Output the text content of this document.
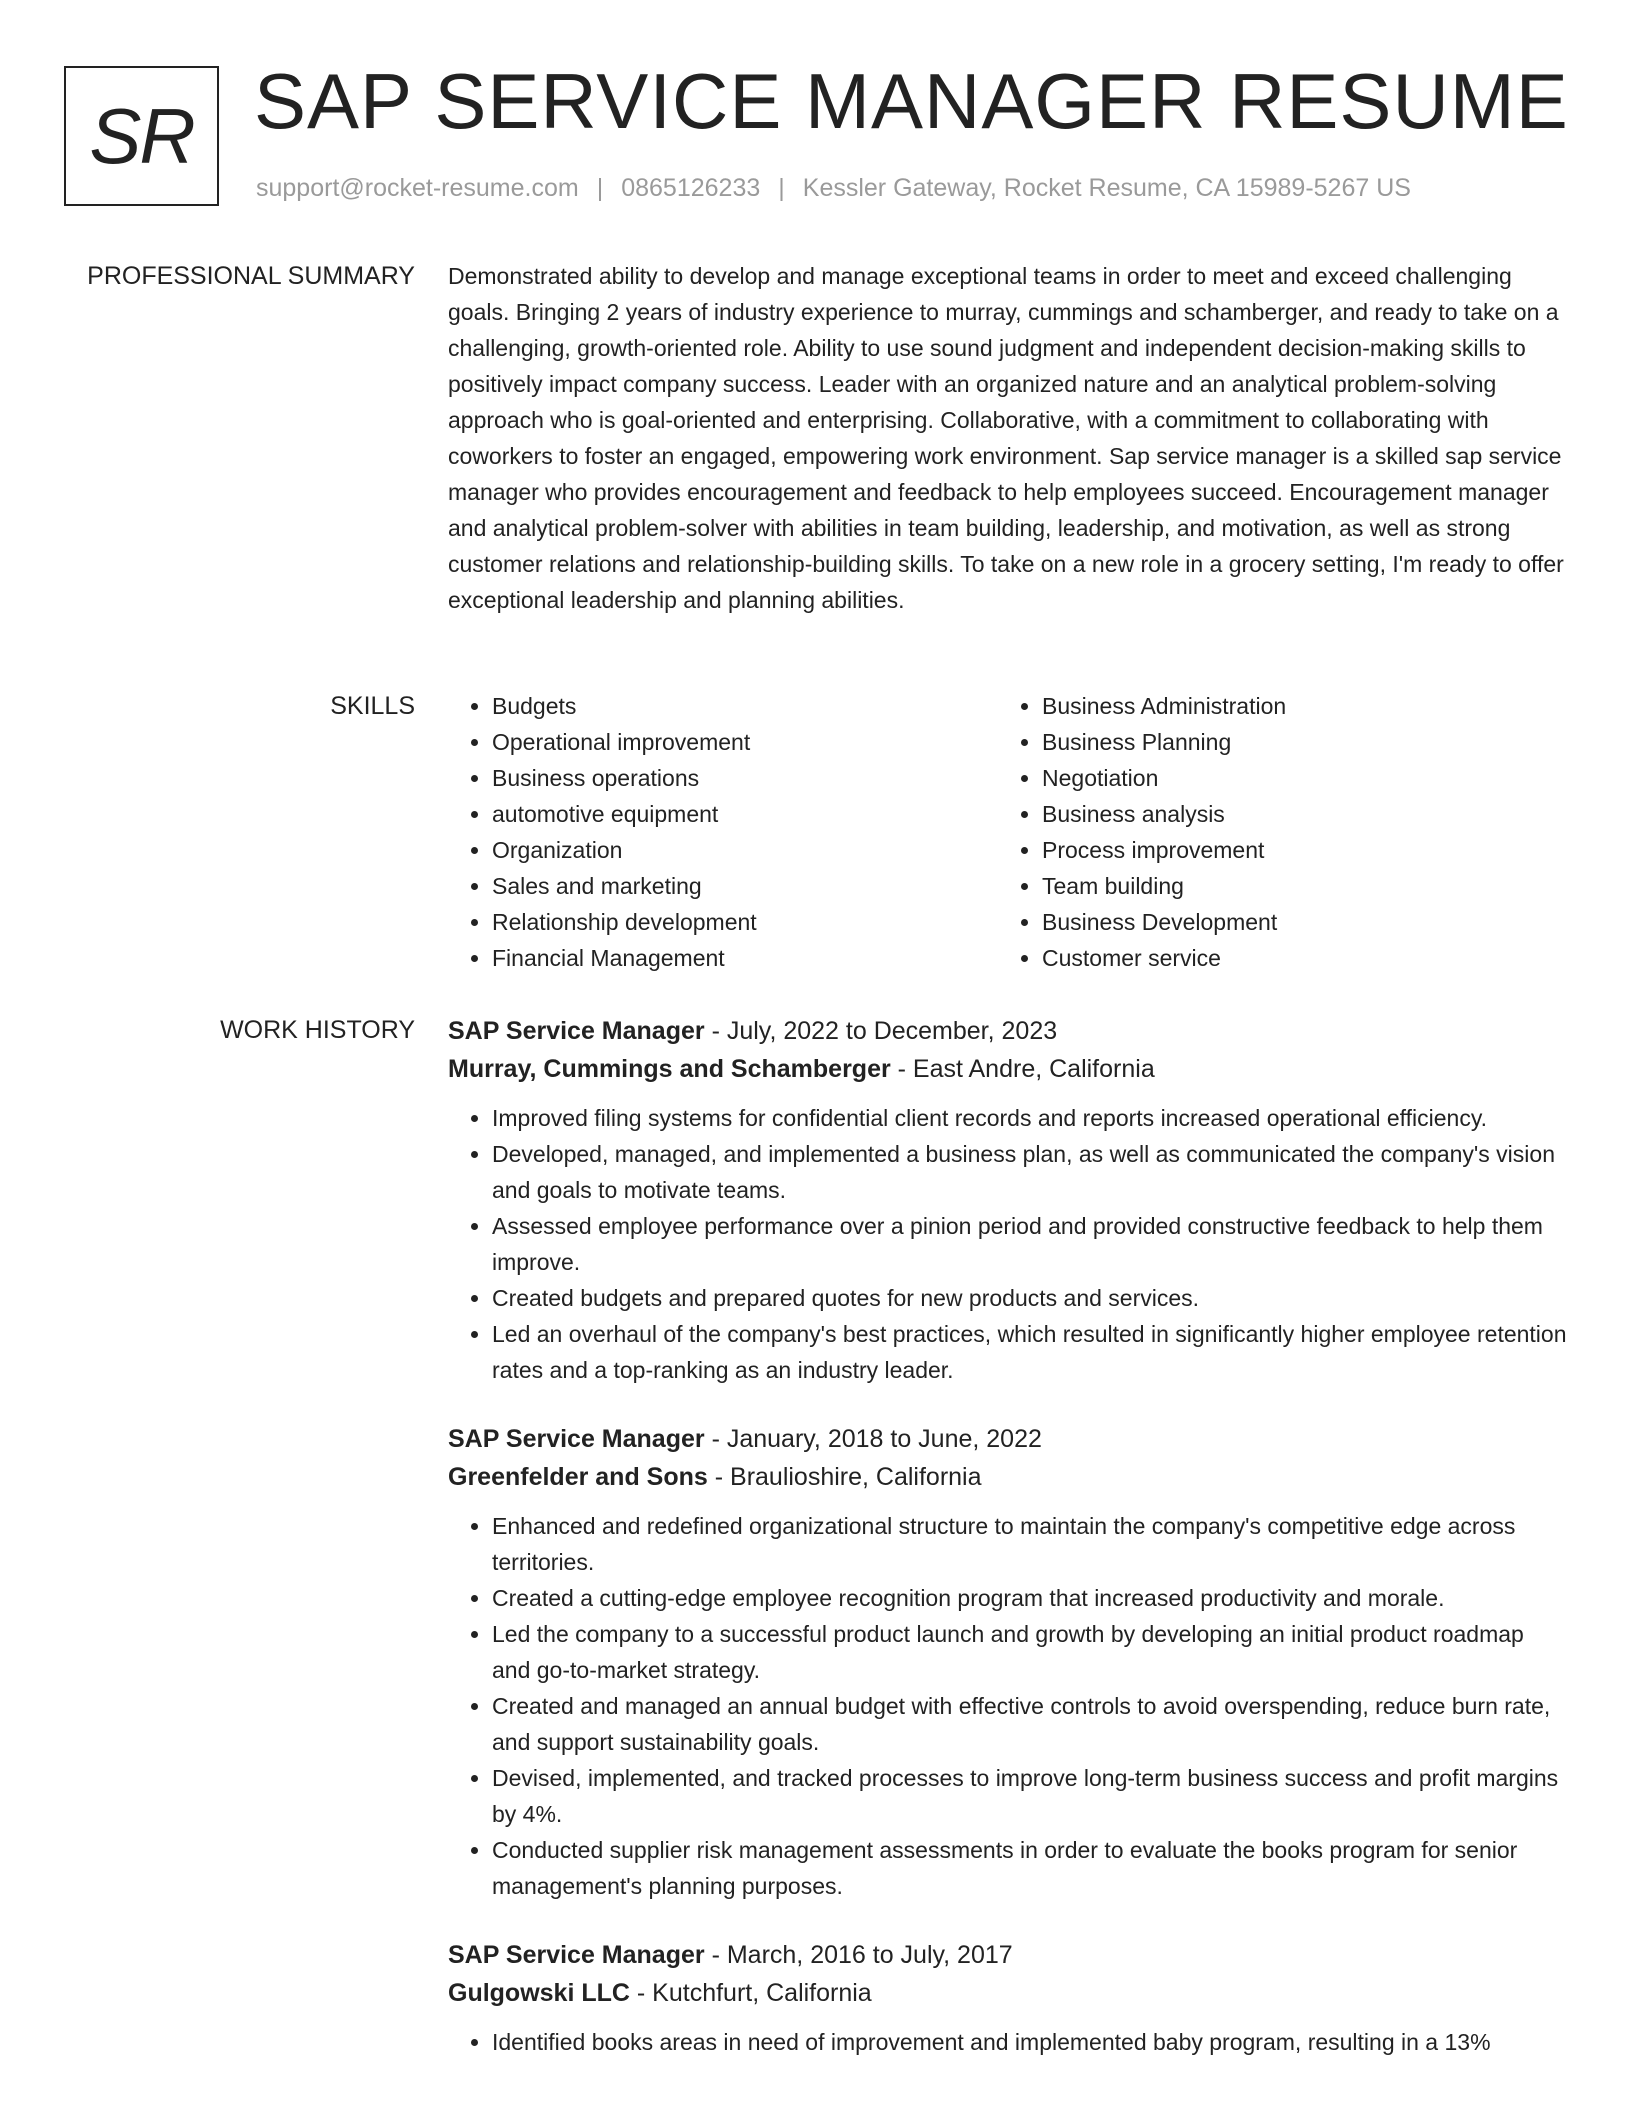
SR SAP SERVICE MANAGER RESUME
support@rocket-resume.com | 0865126233 | Kessler Gateway, Rocket Resume, CA 15989-5267 US
PROFESSIONAL SUMMARY Demonstrated ability to develop and manage exceptional teams in order to meet and exceed challenging goals. Bringing 2 years of industry experience to murray, cummings and schamberger, and ready to take on a challenging, growth-oriented role. Ability to use sound judgment and independent decision-making skills to positively impact company success. Leader with an organized nature and an analytical problem-solving approach who is goal-oriented and enterprising. Collaborative, with a commitment to collaborating with coworkers to foster an engaged, empowering work environment. Sap service manager is a skilled sap service manager who provides encouragement and feedback to help employees succeed. Encouragement manager and analytical problem-solver with abilities in team building, leadership, and motivation, as well as strong customer relations and relationship-building skills. To take on a new role in a grocery setting, I'm ready to offer exceptional leadership and planning abilities.

SKILLS
•	Budgets
• Operational improvement
• Business operations
• automotive equipment
• Organization
• Sales and marketing
• Relationship development
• Financial Management
• Business Administration
• Business Planning
• Negotiation
• Business analysis
• Process improvement
• Team building
• Business Development
• Customer service
WORK HISTORY SAP Service Manager - July, 2022 to December, 2023
Murray, Cummings and Schamberger - East Andre, California
• Improved filing systems for confidential client records and reports increased operational efficiency.
• Developed, managed, and implemented a business plan, as well as communicated the company's vision and goals to motivate teams.
• Assessed employee performance over a pinion period and provided constructive feedback to help them improve.
• Created budgets and prepared quotes for new products and services.
• Led an overhaul of the company's best practices, which resulted in significantly higher employee retention rates and a top-ranking as an industry leader.
SAP Service Manager - January, 2018 to June, 2022
Greenfelder and Sons - Braulioshire, California
• Enhanced and redefined organizational structure to maintain the company's competitive edge across territories.
• Created a cutting-edge employee recognition program that increased productivity and morale.
• Led the company to a successful product launch and growth by developing an initial product roadmap and go-to-market strategy.
• Created and managed an annual budget with effective controls to avoid overspending, reduce burn rate, and support sustainability goals.
• Devised, implemented, and tracked processes to improve long-term business success and profit margins by 4%.
• Conducted supplier risk management assessments in order to evaluate the books program for senior management's planning purposes.
SAP Service Manager - March, 2016 to July, 2017
Gulgowski LLC - Kutchfurt, California
• Identified books areas in need of improvement and implemented baby program, resulting in a 13%
